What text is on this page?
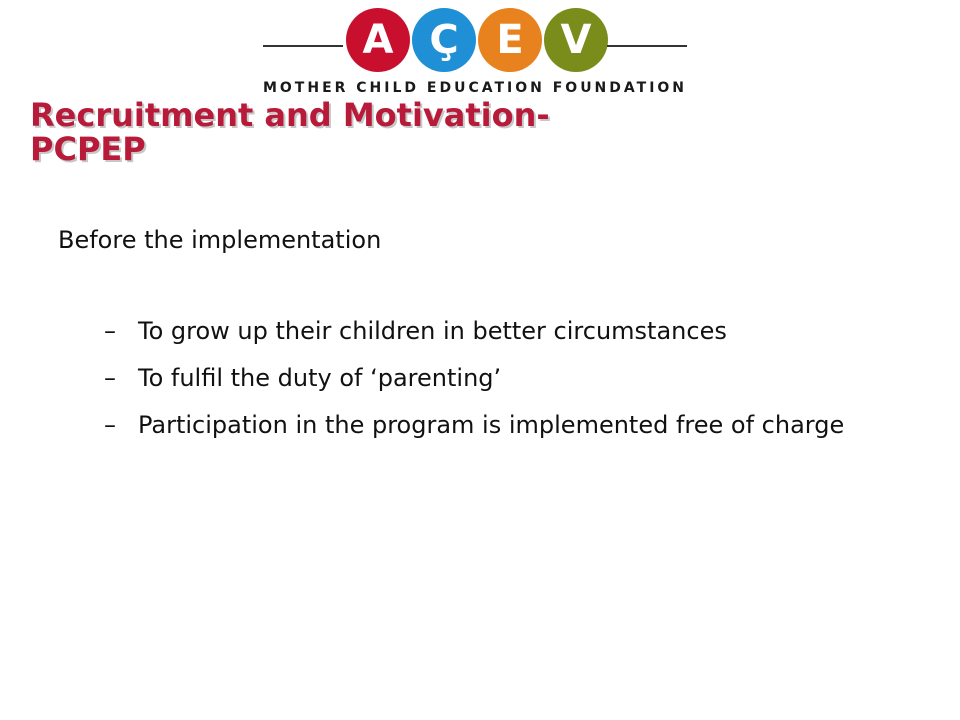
A Ç E V
MOTHER CHILD EDUCATION FOUNDATION
Recruitment and Motivation-
PCPEP
Before the implementation
– To grow up their children in better circumstances
– To fulfil the duty of ‘parenting’
– Participation in the program is implemented free of charge
